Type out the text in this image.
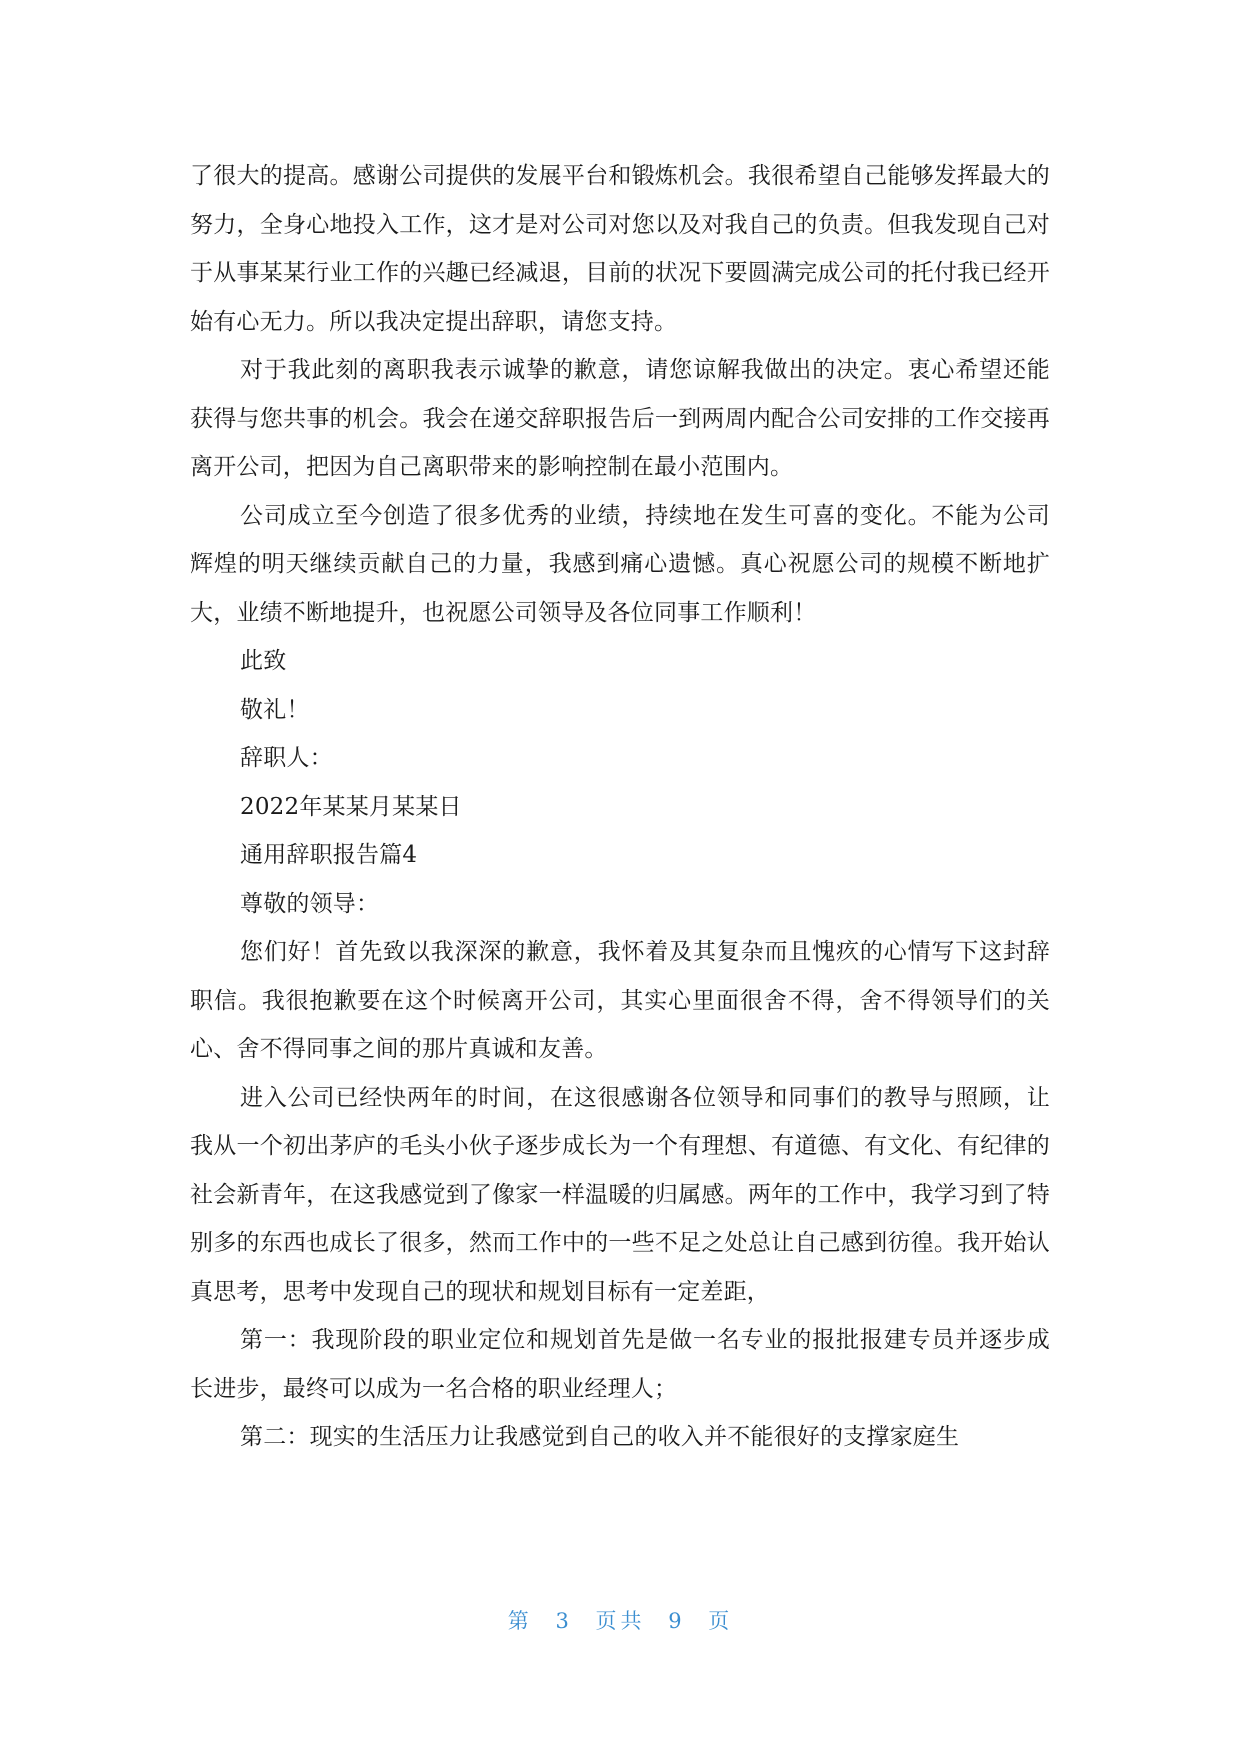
了很大的提高。感谢公司提供的发展平台和锻炼机会。我很希望自己能够发挥最大的努力，全身心地投入工作，这才是对公司对您以及对我自己的负责。但我发现自己对于从事某某行业工作的兴趣已经减退，目前的状况下要圆满完成公司的托付我已经开始有心无力。所以我决定提出辞职，请您支持。

对于我此刻的离职我表示诚挚的歉意，请您谅解我做出的决定。衷心希望还能获得与您共事的机会。我会在递交辞职报告后一到两周内配合公司安排的工作交接再离开公司，把因为自己离职带来的影响控制在最小范围内。

公司成立至今创造了很多优秀的业绩，持续地在发生可喜的变化。不能为公司辉煌的明天继续贡献自己的力量，我感到痛心遗憾。真心祝愿公司的规模不断地扩大，业绩不断地提升，也祝愿公司领导及各位同事工作顺利！

此致

敬礼！

辞职人：

2022年某某月某某日

通用辞职报告篇4

尊敬的领导：

您们好！首先致以我深深的歉意，我怀着及其复杂而且愧疚的心情写下这封辞职信。我很抱歉要在这个时候离开公司，其实心里面很舍不得，舍不得领导们的关心、舍不得同事之间的那片真诚和友善。

进入公司已经快两年的时间，在这很感谢各位领导和同事们的教导与照顾，让我从一个初出茅庐的毛头小伙子逐步成长为一个有理想、有道德、有文化、有纪律的社会新青年，在这我感觉到了像家一样温暖的归属感。两年的工作中，我学习到了特别多的东西也成长了很多，然而工作中的一些不足之处总让自己感到彷徨。我开始认真思考，思考中发现自己的现状和规划目标有一定差距，

第一：我现阶段的职业定位和规划首先是做一名专业的报批报建专员并逐步成长进步，最终可以成为一名合格的职业经理人；

第二：现实的生活压力让我感觉到自己的收入并不能很好的支撑家庭生

第 3 页共 9 页
